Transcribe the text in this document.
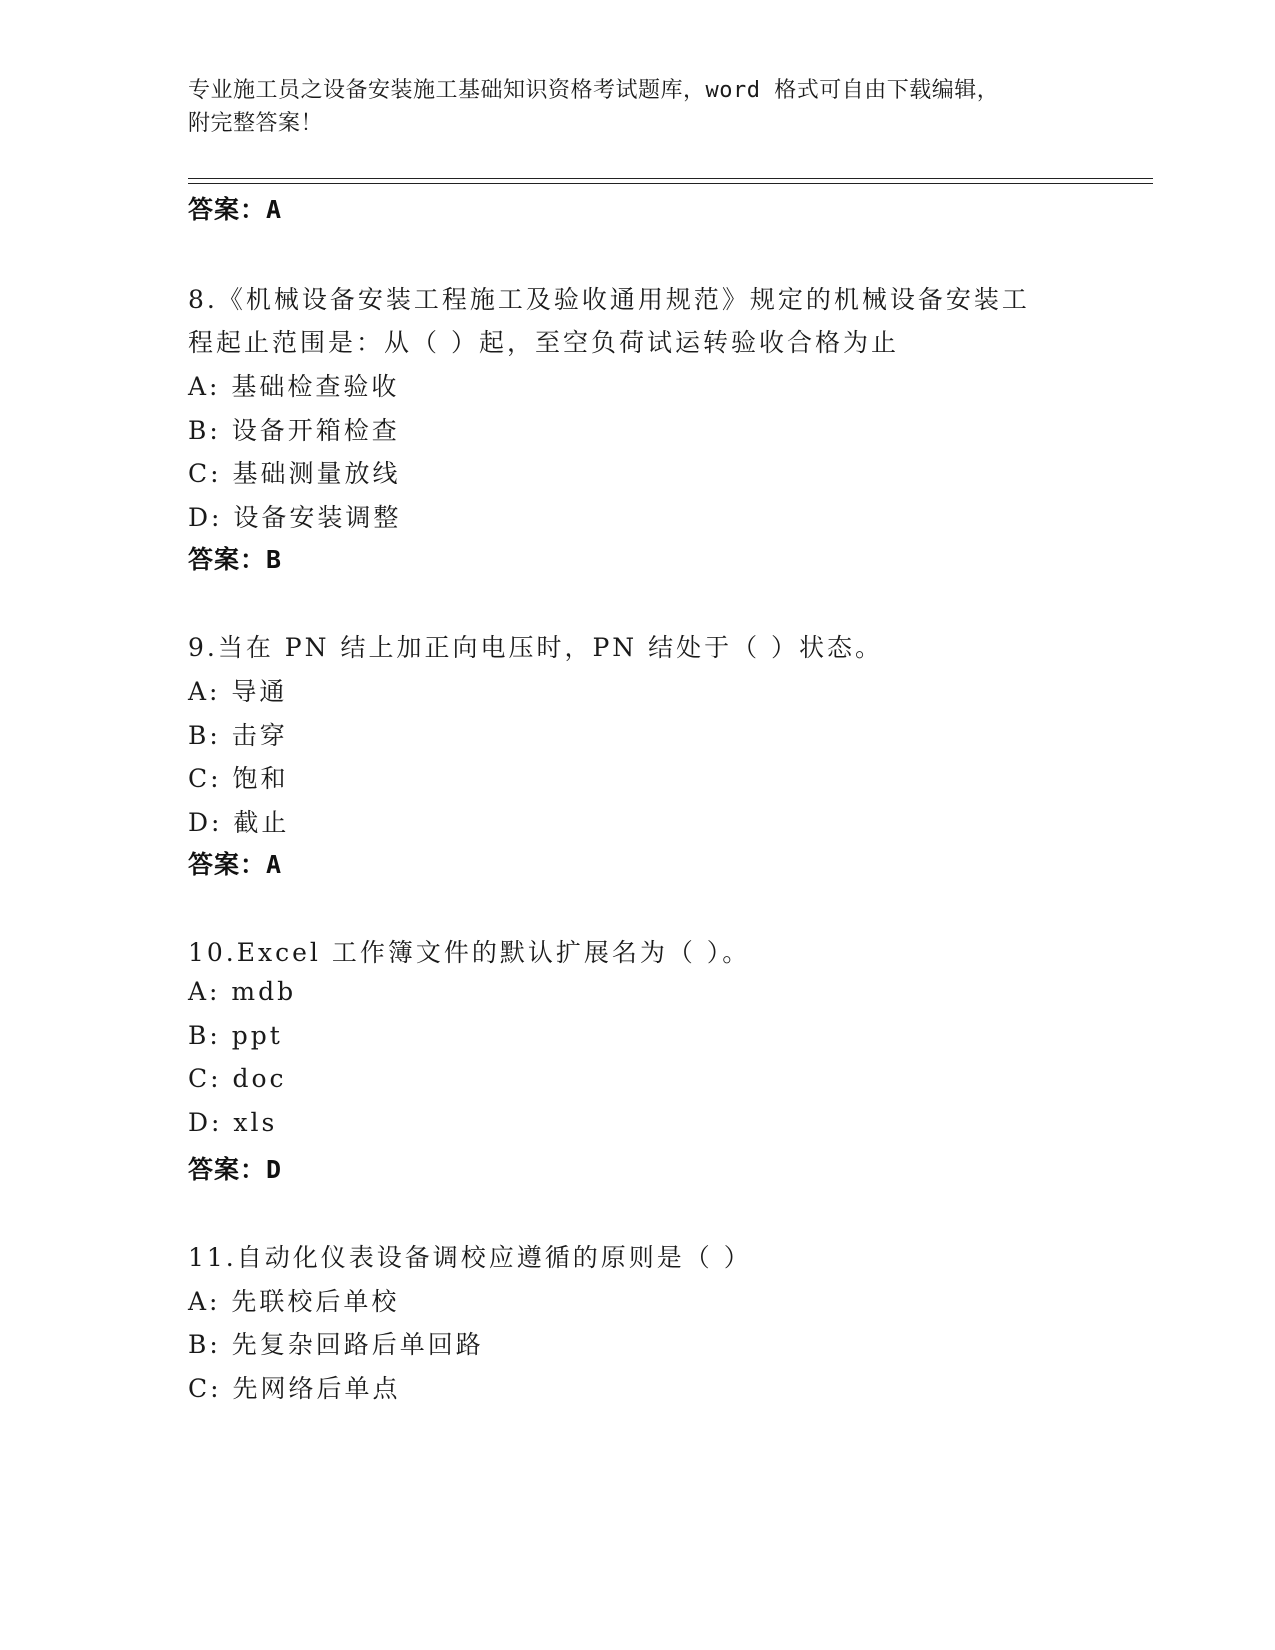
专业施工员之设备安装施工基础知识资格考试题库，word 格式可自由下载编辑，
附完整答案！
答案：A
8.《机械设备安装工程施工及验收通用规范》规定的机械设备安装工
程起止范围是：从（ ）起，至空负荷试运转验收合格为止
A: 基础检查验收
B: 设备开箱检查
C: 基础测量放线
D: 设备安装调整
答案：B
9.当在 PN 结上加正向电压时，PN 结处于（ ）状态。
A: 导通
B: 击穿
C: 饱和
D: 截止
答案：A
10.Excel 工作簿文件的默认扩展名为（ ）。
A: mdb
B: ppt
C: doc
D: xls
答案：D
11.自动化仪表设备调校应遵循的原则是（ ）
A: 先联校后单校
B: 先复杂回路后单回路
C: 先网络后单点
